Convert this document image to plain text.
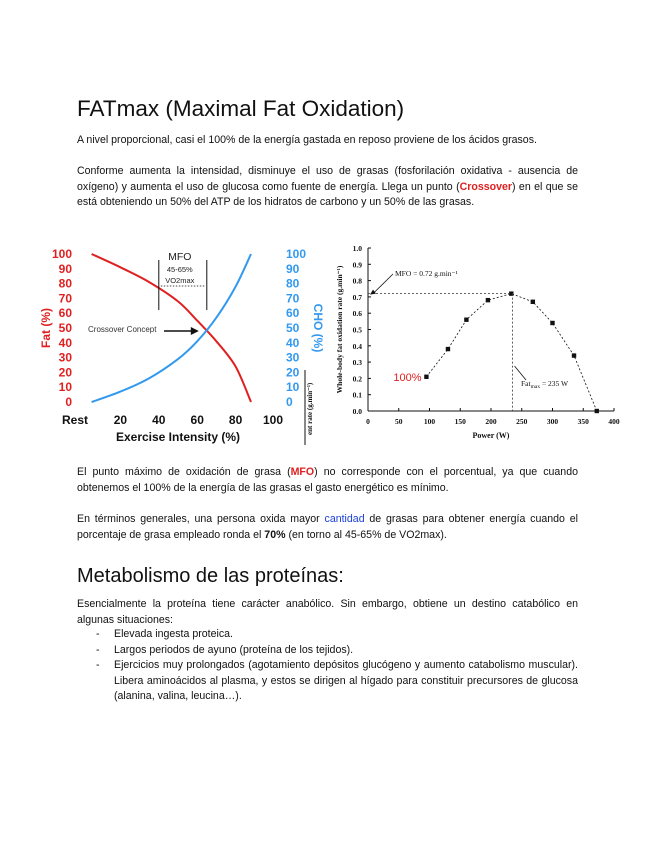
FATmax (Maximal Fat Oxidation)

A nivel proporcional, casi el 100% de la energía gastada en reposo proviene de los ácidos grasos.

Conforme aumenta la intensidad, disminuye el uso de grasas (fosforilación oxidativa - ausencia de oxígeno) y aumenta el uso de glucosa como fuente de energía. Llega un punto (Crossover) en el que se está obteniendo un 50% del ATP de los hidratos de carbono y un 50% de las grasas.

MFO
45-65%
VO2max
Crossover Concept
ent rate (g.min⁻¹)
0
10
20
30
40
50
60
70
80
90
100
0
10
20
30
40
50
60
70
80
90
100
Rest 20 40 60 80 100
Exercise Intensity (%)
Fat (%)	CHO (%)
MFO = 0.72 g.min⁻¹
Fat$_{max}$ = 235 W
100%
0.0
0.1
0.2
0.3
0.4
0.5
0.6
0.7
0.8
0.9
1.0
0	50	100	150	200	250	300	350	400
Power (W)
Whole-body fat oxidation rate (g.min⁻¹)

El punto máximo de oxidación de grasa (MFO) no corresponde con el porcentual, ya que cuando obtenemos el 100% de la energía de las grasas el gasto energético es mínimo.

En términos generales, una persona oxida mayor cantidad de grasas para obtener energía cuando el porcentaje de grasa empleado ronda el 70% (en torno al 45-65% de VO2max).

Metabolismo de las proteínas:

Esencialmente la proteína tiene carácter anabólico. Sin embargo, obtiene un destino catabólico en algunas situaciones:

- Elevada ingesta proteica.
- Largos periodos de ayuno (proteína de los tejidos).
- Ejercicios muy prolongados (agotamiento depósitos glucógeno y aumento catabolismo muscular). Libera aminoácidos al plasma, y estos se dirigen al hígado para constituir precursores de glucosa (alanina, valina, leucina…).
